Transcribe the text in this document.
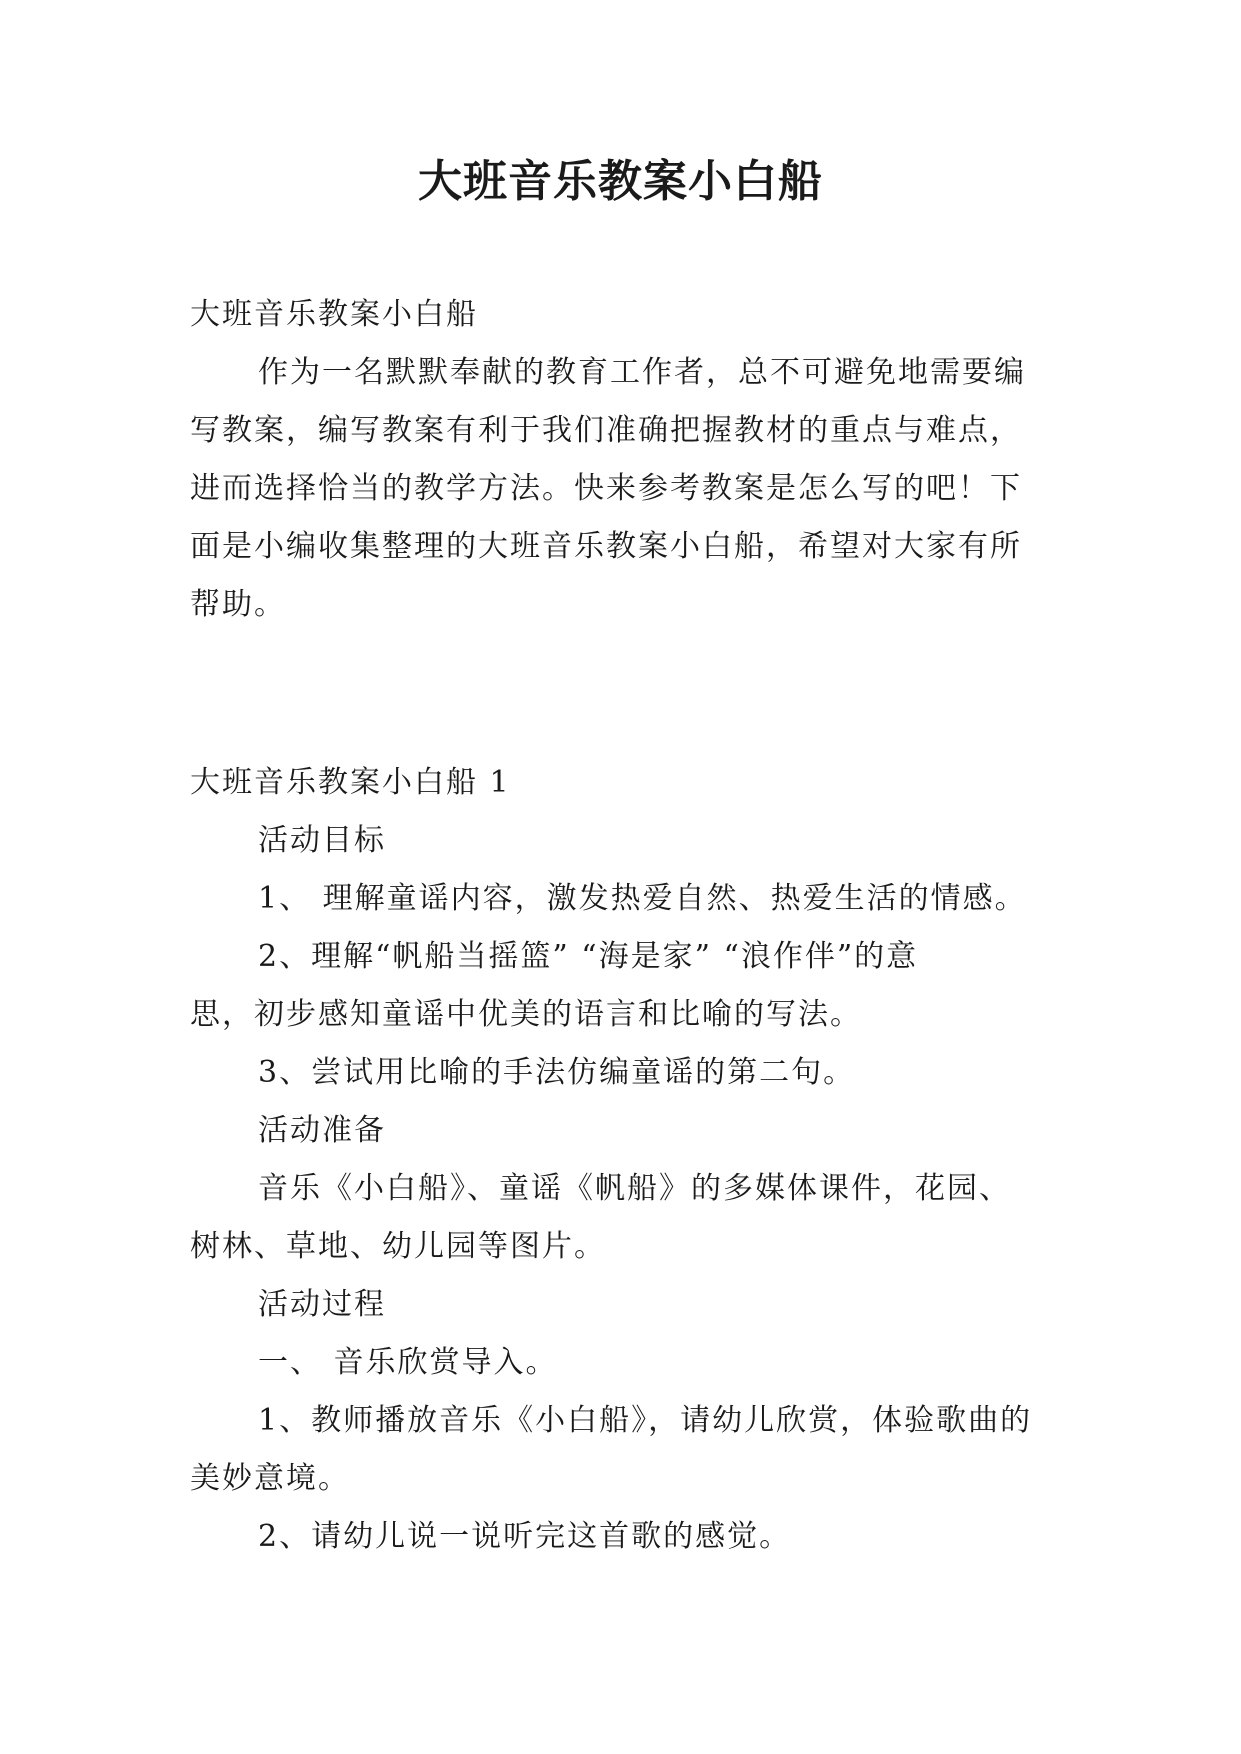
大班音乐教案小白船

大班音乐教案小白船

作为一名默默奉献的教育工作者，总不可避免地需要编

写教案，编写教案有利于我们准确把握教材的重点与难点，

进而选择恰当的教学方法。快来参考教案是怎么写的吧！下

面是小编收集整理的大班音乐教案小白船，希望对大家有所

帮助。

大班音乐教案小白船 1

活动目标

1、 理解童谣内容，激发热爱自然、热爱生活的情感。

2、理解“帆船当摇篮” “海是家” “浪作伴”的意

思，初步感知童谣中优美的语言和比喻的写法。

3、尝试用比喻的手法仿编童谣的第二句。

活动准备

音乐《小白船》、童谣《帆船》的多媒体课件，花园、

树林、草地、幼儿园等图片。

活动过程

一、 音乐欣赏导入。

1、教师播放音乐《小白船》，请幼儿欣赏，体验歌曲的

美妙意境。

2、请幼儿说一说听完这首歌的感觉。
